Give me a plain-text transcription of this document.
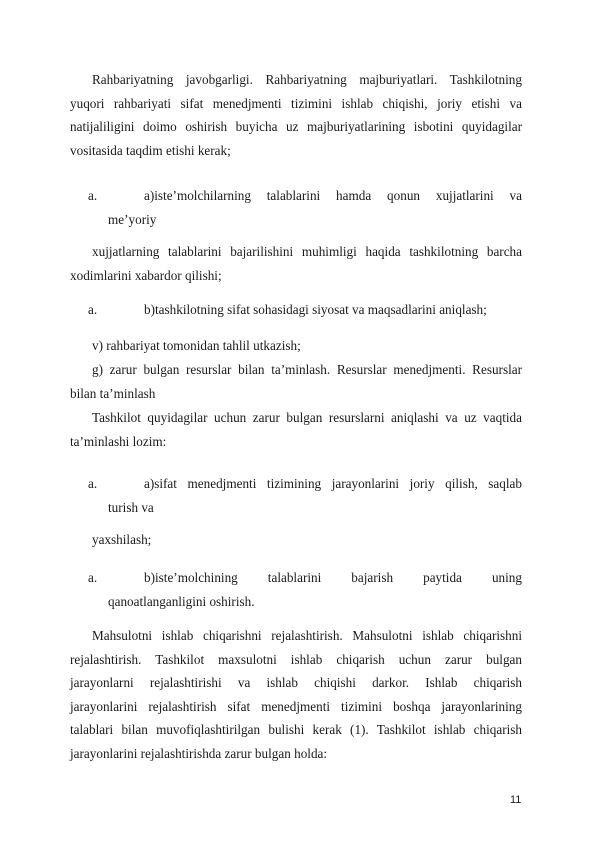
Rahbariyatning javobgarligi. Rahbariyatning majburiyatlari. Tashkilotning
yuqori rahbariyati sifat menedjmenti tizimini ishlab chiqishi, joriy etishi va
natijaliligini doimo oshirish buyicha uz majburiyatlarining isbotini quyidagilar
vositasida taqdim etishi kerak;
a.	a)iste’molchilarning talablarini hamda qonun xujjatlarini va
me’yoriy
xujjatlarning talablarini bajarilishini muhimligi haqida tashkilotning barcha
xodimlarini xabardor qilishi;
a.	b)tashkilotning sifat sohasidagi siyosat va maqsadlarini aniqlash;
v) rahbariyat tomonidan tahlil utkazish;
g) zarur bulgan resurslar bilan ta’minlash. Resurslar menedjmenti. Resurslar
bilan ta’minlash
Tashkilot quyidagilar uchun zarur bulgan resurslarni aniqlashi va uz vaqtida
ta’minlashi lozim:
a.	a)sifat menedjmenti tizimining jarayonlarini joriy qilish, saqlab
turish va
yaxshilash;
a.	b)iste’molchining talablarini bajarish paytida uning
qanoatlanganligini oshirish.
Mahsulotni ishlab chiqarishni rejalashtirish. Mahsulotni ishlab chiqarishni
rejalashtirish. Tashkilot maxsulotni ishlab chiqarish uchun zarur bulgan
jarayonlarni rejalashtirishi va ishlab chiqishi darkor. Ishlab chiqarish
jarayonlarini rejalashtirish sifat menedjmenti tizimini boshqa jarayonlarining
talablari bilan muvofiqlashtirilgan bulishi kerak (1). Tashkilot ishlab chiqarish
jarayonlarini rejalashtirishda zarur bulgan holda:
11
